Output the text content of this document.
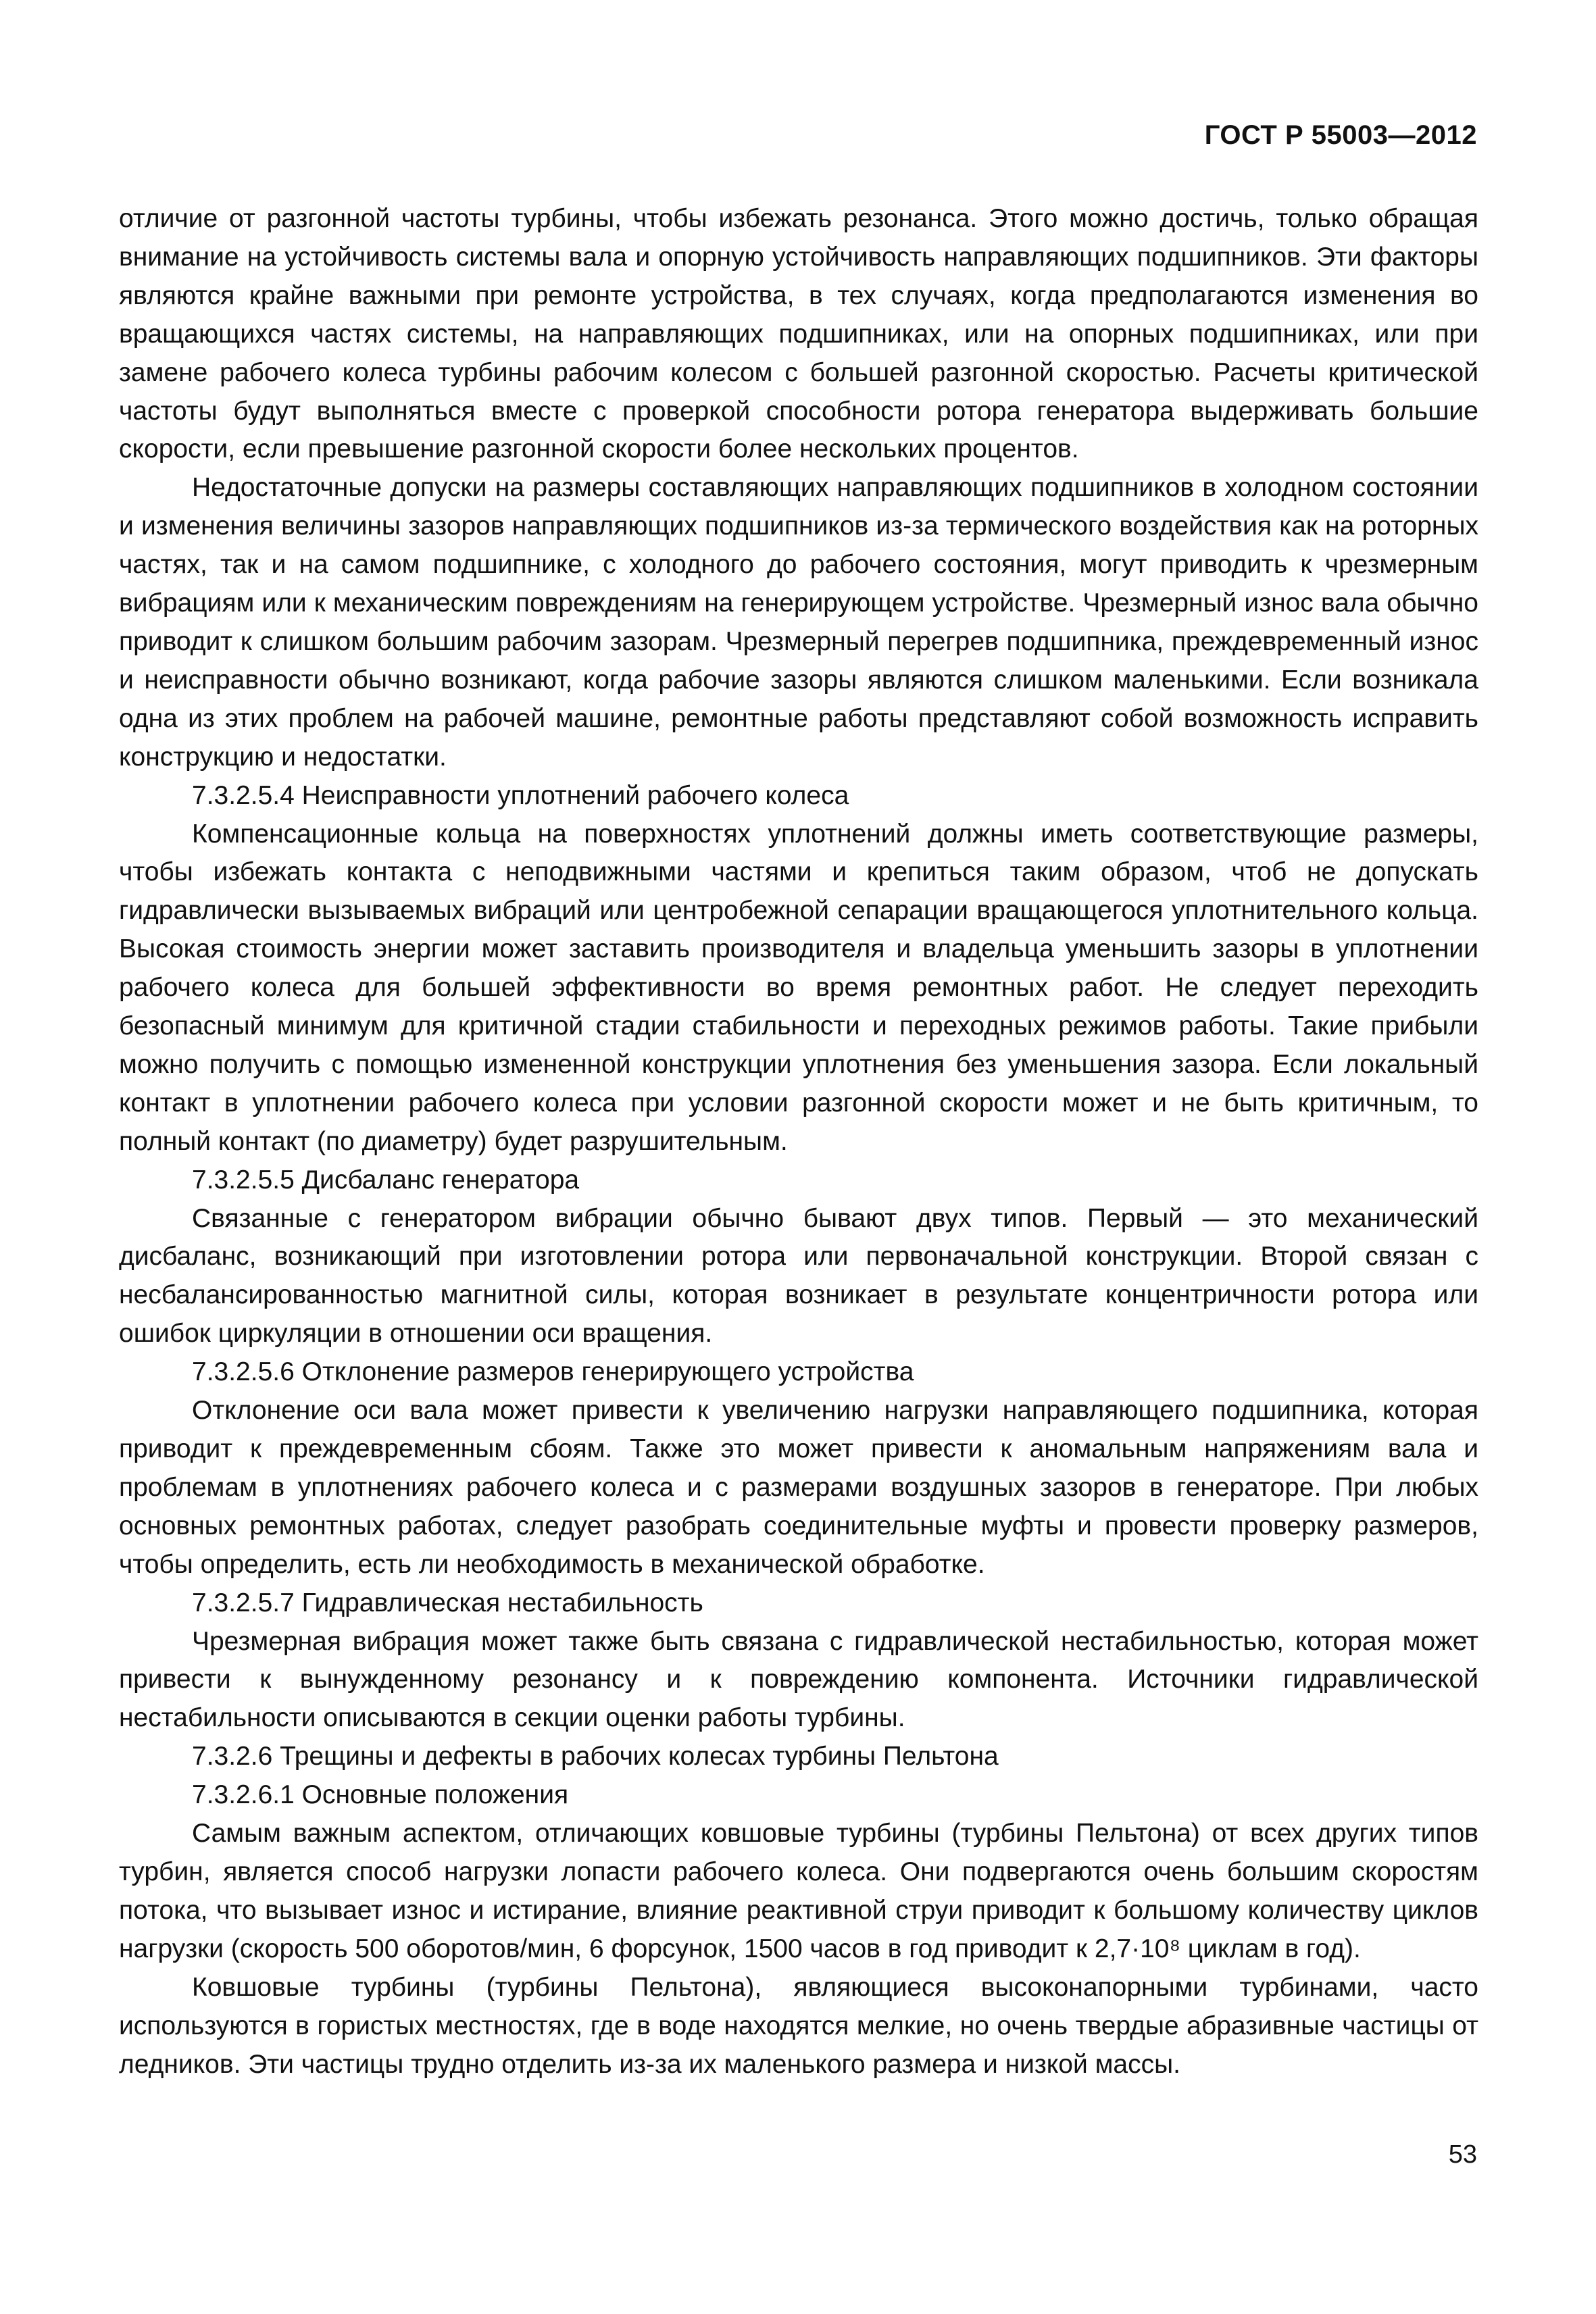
ГОСТ Р 55003—2012

отличие от разгонной частоты турбины, чтобы избежать резонанса. Этого можно достичь, только обращая внимание на устойчивость системы вала и опорную устойчивость направляющих подшипников. Эти факторы являются крайне важными при ремонте устройства, в тех случаях, когда предполагаются изменения во вращающихся частях системы, на направляющих подшипниках, или на опорных подшипниках, или при замене рабочего колеса турбины рабочим колесом с большей разгонной скоростью. Расчеты критической частоты будут выполняться вместе с проверкой способности ротора генератора выдерживать большие скорости, если превышение разгонной скорости более нескольких процентов.

Недостаточные допуски на размеры составляющих направляющих подшипников в холодном состоянии и изменения величины зазоров направляющих подшипников из-за термического воздействия как на роторных частях, так и на самом подшипнике, с холодного до рабочего состояния, могут приводить к чрезмерным вибрациям или к механическим повреждениям на генерирующем устройстве. Чрезмерный износ вала обычно приводит к слишком большим рабочим зазорам. Чрезмерный перегрев подшипника, преждевременный износ и неисправности обычно возникают, когда рабочие зазоры являются слишком маленькими. Если возникала одна из этих проблем на рабочей машине, ремонтные работы представляют собой возможность исправить конструкцию и недостатки.

7.3.2.5.4 Неисправности уплотнений рабочего колеса

Компенсационные кольца на поверхностях уплотнений должны иметь соответствующие размеры, чтобы избежать контакта с неподвижными частями и крепиться таким образом, чтоб не допускать гидравлически вызываемых вибраций или центробежной сепарации вращающегося уплотнительного кольца. Высокая стоимость энергии может заставить производителя и владельца уменьшить зазоры в уплотнении рабочего колеса для большей эффективности во время ремонтных работ. Не следует переходить безопасный минимум для критичной стадии стабильности и переходных режимов работы. Такие прибыли можно получить с помощью измененной конструкции уплотнения без уменьшения зазора. Если локальный контакт в уплотнении рабочего колеса при условии разгонной скорости может и не быть критичным, то полный контакт (по диаметру) будет разрушительным.

7.3.2.5.5 Дисбаланс генератора

Связанные с генератором вибрации обычно бывают двух типов. Первый — это механический дисбаланс, возникающий при изготовлении ротора или первоначальной конструкции. Второй связан с несбалансированностью магнитной силы, которая возникает в результате концентричности ротора или ошибок циркуляции в отношении оси вращения.

7.3.2.5.6 Отклонение размеров генерирующего устройства

Отклонение оси вала может привести к увеличению нагрузки направляющего подшипника, которая приводит к преждевременным сбоям. Также это может привести к аномальным напряжениям вала и проблемам в уплотнениях рабочего колеса и с размерами воздушных зазоров в генераторе. При любых основных ремонтных работах, следует разобрать соединительные муфты и провести проверку размеров, чтобы определить, есть ли необходимость в механической обработке.

7.3.2.5.7 Гидравлическая нестабильность

Чрезмерная вибрация может также быть связана с гидравлической нестабильностью, которая может привести к вынужденному резонансу и к повреждению компонента. Источники гидравлической нестабильности описываются в секции оценки работы турбины.

7.3.2.6 Трещины и дефекты в рабочих колесах турбины Пельтона

7.3.2.6.1 Основные положения

Самым важным аспектом, отличающих ковшовые турбины (турбины Пельтона) от всех других типов турбин, является способ нагрузки лопасти рабочего колеса. Они подвергаются очень большим скоростям потока, что вызывает износ и истирание, влияние реактивной струи приводит к большому количеству циклов нагрузки (скорость 500 оборотов/мин, 6 форсунок, 1500 часов в год приводит к 2,7·10⁸ циклам в год).

Ковшовые турбины (турбины Пельтона), являющиеся высоконапорными турбинами, часто используются в гористых местностях, где в воде находятся мелкие, но очень твердые абразивные частицы от ледников. Эти частицы трудно отделить из-за их маленького размера и низкой массы.

53
